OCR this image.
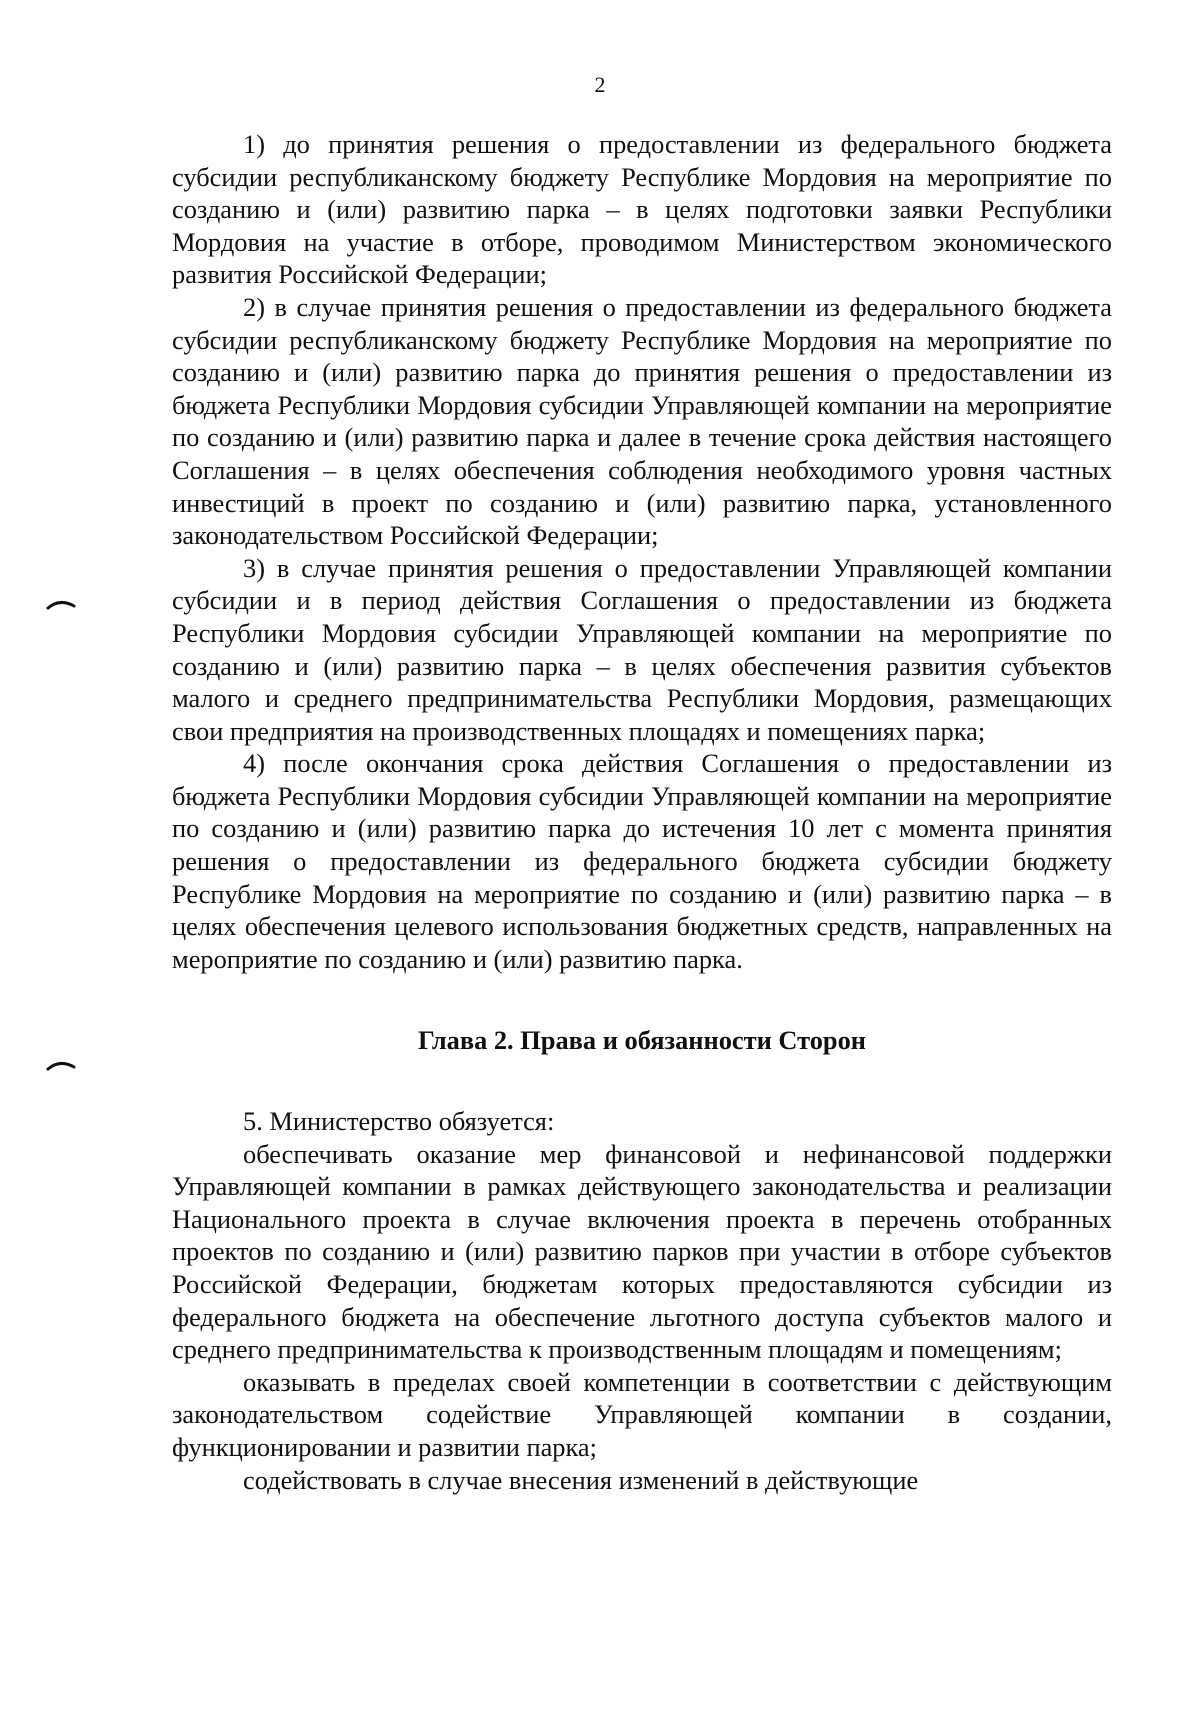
2

1) до принятия решения о предоставлении из федерального бюджета субсидии республиканскому бюджету Республике Мордовия на мероприятие по созданию и (или) развитию парка – в целях подготовки заявки Республики Мордовия на участие в отборе, проводимом Министерством экономического развития Российской Федерации;

2) в случае принятия решения о предоставлении из федерального бюджета субсидии республиканскому бюджету Республике Мордовия на мероприятие по созданию и (или) развитию парка до принятия решения о предоставлении из бюджета Республики Мордовия субсидии Управляющей компании на мероприятие по созданию и (или) развитию парка и далее в течение срока действия настоящего Соглашения – в целях обеспечения соблюдения необходимого уровня частных инвестиций в проект по созданию и (или) развитию парка, установленного законодательством Российской Федерации;

3) в случае принятия решения о предоставлении Управляющей компании субсидии и в период действия Соглашения о предоставлении из бюджета Республики Мордовия субсидии Управляющей компании на мероприятие по созданию и (или) развитию парка – в целях обеспечения развития субъектов малого и среднего предпринимательства Республики Мордовия, размещающих свои предприятия на производственных площадях и помещениях парка;

4) после окончания срока действия Соглашения о предоставлении из бюджета Республики Мордовия субсидии Управляющей компании на мероприятие по созданию и (или) развитию парка до истечения 10 лет с момента принятия решения о предоставлении из федерального бюджета субсидии бюджету Республике Мордовия на мероприятие по созданию и (или) развитию парка – в целях обеспечения целевого использования бюджетных средств, направленных на мероприятие по созданию и (или) развитию парка.

Глава 2. Права и обязанности Сторон

5. Министерство обязуется:

обеспечивать оказание мер финансовой и нефинансовой поддержки Управляющей компании в рамках действующего законодательства и реализации Национального проекта в случае включения проекта в перечень отобранных проектов по созданию и (или) развитию парков при участии в отборе субъектов Российской Федерации, бюджетам которых предоставляются субсидии из федерального бюджета на обеспечение льготного доступа субъектов малого и среднего предпринимательства к производственным площадям и помещениям;

оказывать в пределах своей компетенции в соответствии с действующим законодательством содействие Управляющей компании в создании, функционировании и развитии парка;

содействовать в случае внесения изменений в действующие
